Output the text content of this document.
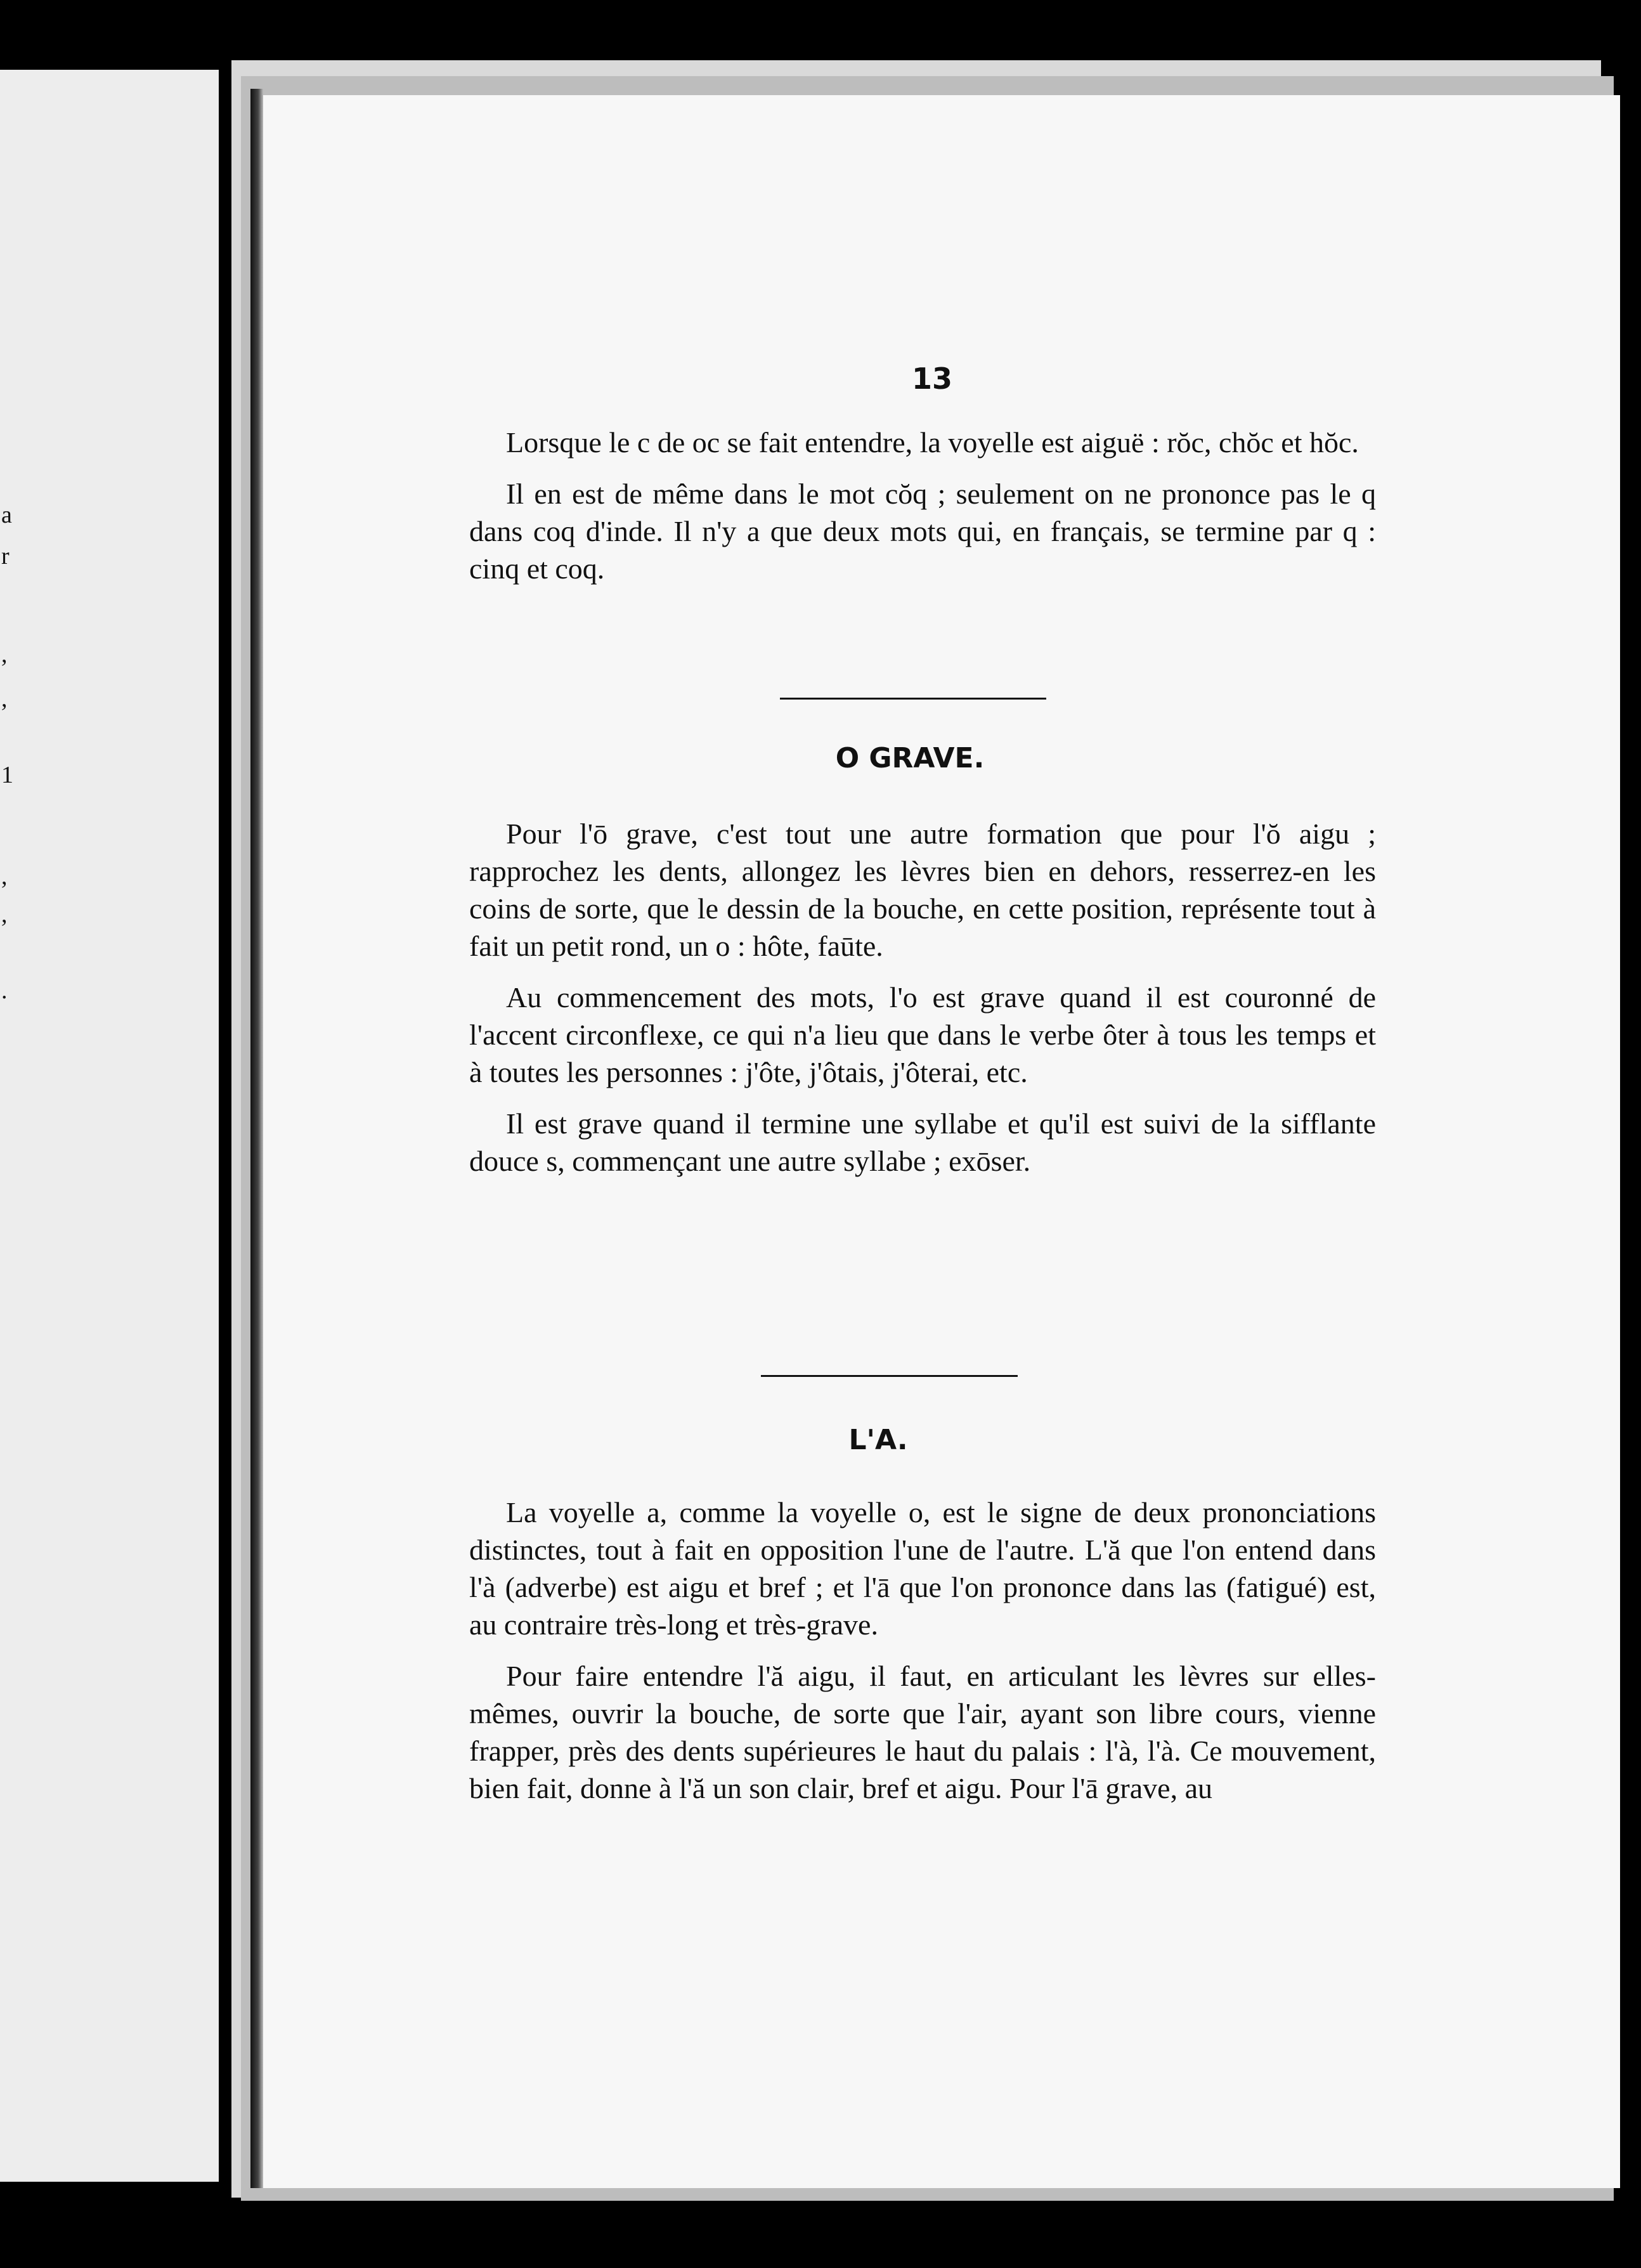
a
r
,
,
1
,
,
.
13

Lorsque le c de oc se fait entendre, la voyelle est aiguë : rŏc, chŏc et hŏc.

Il en est de même dans le mot cŏq ; seulement on ne prononce pas le q dans coq d'inde. Il n'y a que deux mots qui, en français, se termine par q : cinq et coq.

O GRAVE.

Pour l'ō grave, c'est tout une autre formation que pour l'ŏ aigu ; rapprochez les dents, allongez les lèvres bien en dehors, resserrez-en les coins de sorte, que le dessin de la bouche, en cette position, représente tout à fait un petit rond, un o : hôte, faūte.

Au commencement des mots, l'o est grave quand il est couronné de l'accent circonflexe, ce qui n'a lieu que dans le verbe ôter à tous les temps et à toutes les personnes : j'ôte, j'ôtais, j'ôterai, etc.

Il est grave quand il termine une syllabe et qu'il est suivi de la sifflante douce s, commençant une autre syllabe ; exōser.

L'A.

La voyelle a, comme la voyelle o, est le signe de deux prononciations distinctes, tout à fait en opposition l'une de l'autre. L'ă que l'on entend dans l'à (adverbe) est aigu et bref ; et l'ā que l'on prononce dans las (fatigué) est, au contraire très-long et très-grave.

Pour faire entendre l'ă aigu, il faut, en articulant les lèvres sur elles-mêmes, ouvrir la bouche, de sorte que l'air, ayant son libre cours, vienne frapper, près des dents supérieures le haut du palais : l'à, l'à. Ce mouvement, bien fait, donne à l'ă un son clair, bref et aigu. Pour l'ā grave, au
